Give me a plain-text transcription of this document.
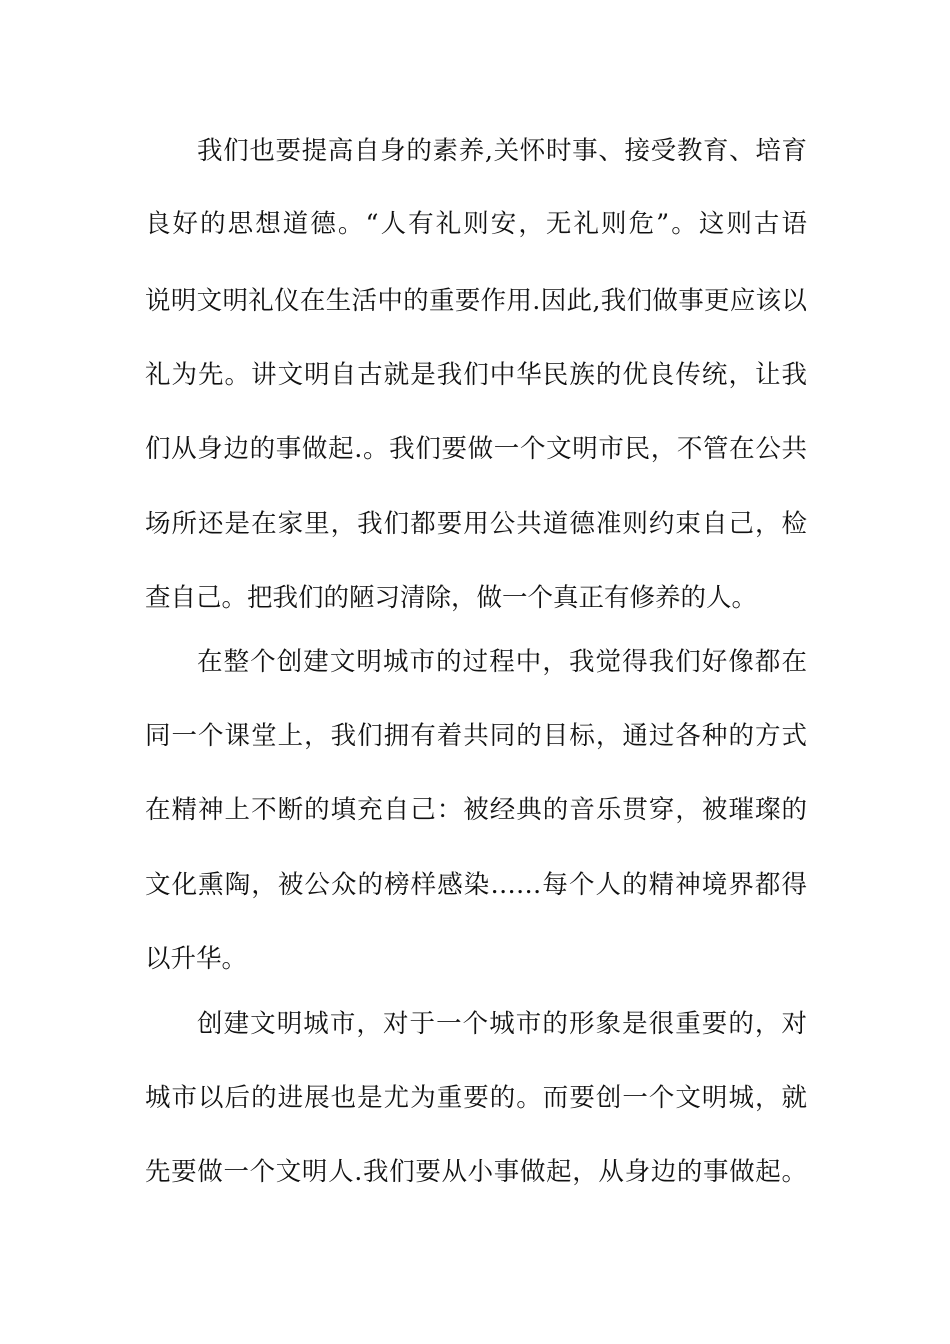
我们也要提高自身的素养,关怀时事、接受教育、培育

良好的思想道德。“人有礼则安，无礼则危”。这则古语

说明文明礼仪在生活中的重要作用.因此,我们做事更应该以

礼为先。讲文明自古就是我们中华民族的优良传统，让我

们从身边的事做起.。我们要做一个文明市民，不管在公共

场所还是在家里，我们都要用公共道德准则约束自己，检

查自己。把我们的陋习清除，做一个真正有修养的人。

在整个创建文明城市的过程中，我觉得我们好像都在

同一个课堂上，我们拥有着共同的目标，通过各种的方式

在精神上不断的填充自己：被经典的音乐贯穿，被璀璨的

文化熏陶，被公众的榜样感染……每个人的精神境界都得

以升华。

创建文明城市，对于一个城市的形象是很重要的，对

城市以后的进展也是尤为重要的。而要创一个文明城，就

先要做一个文明人.我们要从小事做起，从身边的事做起。
